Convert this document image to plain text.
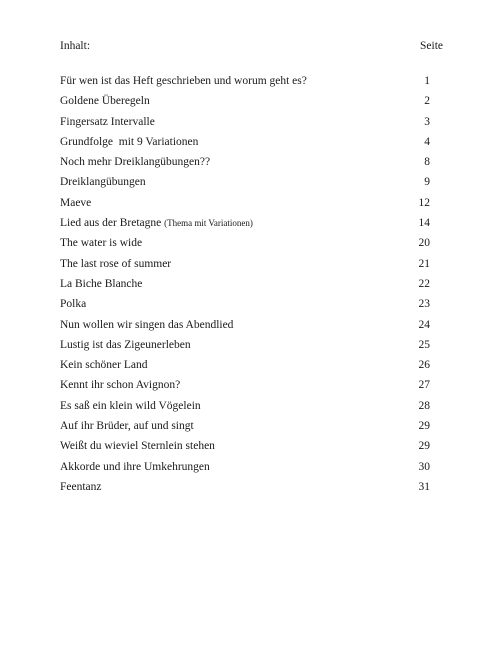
Inhalt:	Seite
Für wen ist das Heft geschrieben und worum geht es?	1
Goldene Überegeln	2
Fingersatz Intervalle	3
Grundfolge  mit 9 Variationen	4
Noch mehr Dreiklangübungen??	8
Dreiklangübungen	9
Maeve	12
Lied aus der Bretagne (Thema mit Variationen)	14
The water is wide	20
The last rose of summer	21
La Biche Blanche	22
Polka	23
Nun wollen wir singen das Abendlied	24
Lustig ist das Zigeunerleben	25
Kein schöner Land	26
Kennt ihr schon Avignon?	27
Es saß ein klein wild Vögelein	28
Auf ihr Brüder, auf und singt	29
Weißt du wieviel Sternlein stehen	29
Akkorde und ihre Umkehrungen	30
Feentanz	31
